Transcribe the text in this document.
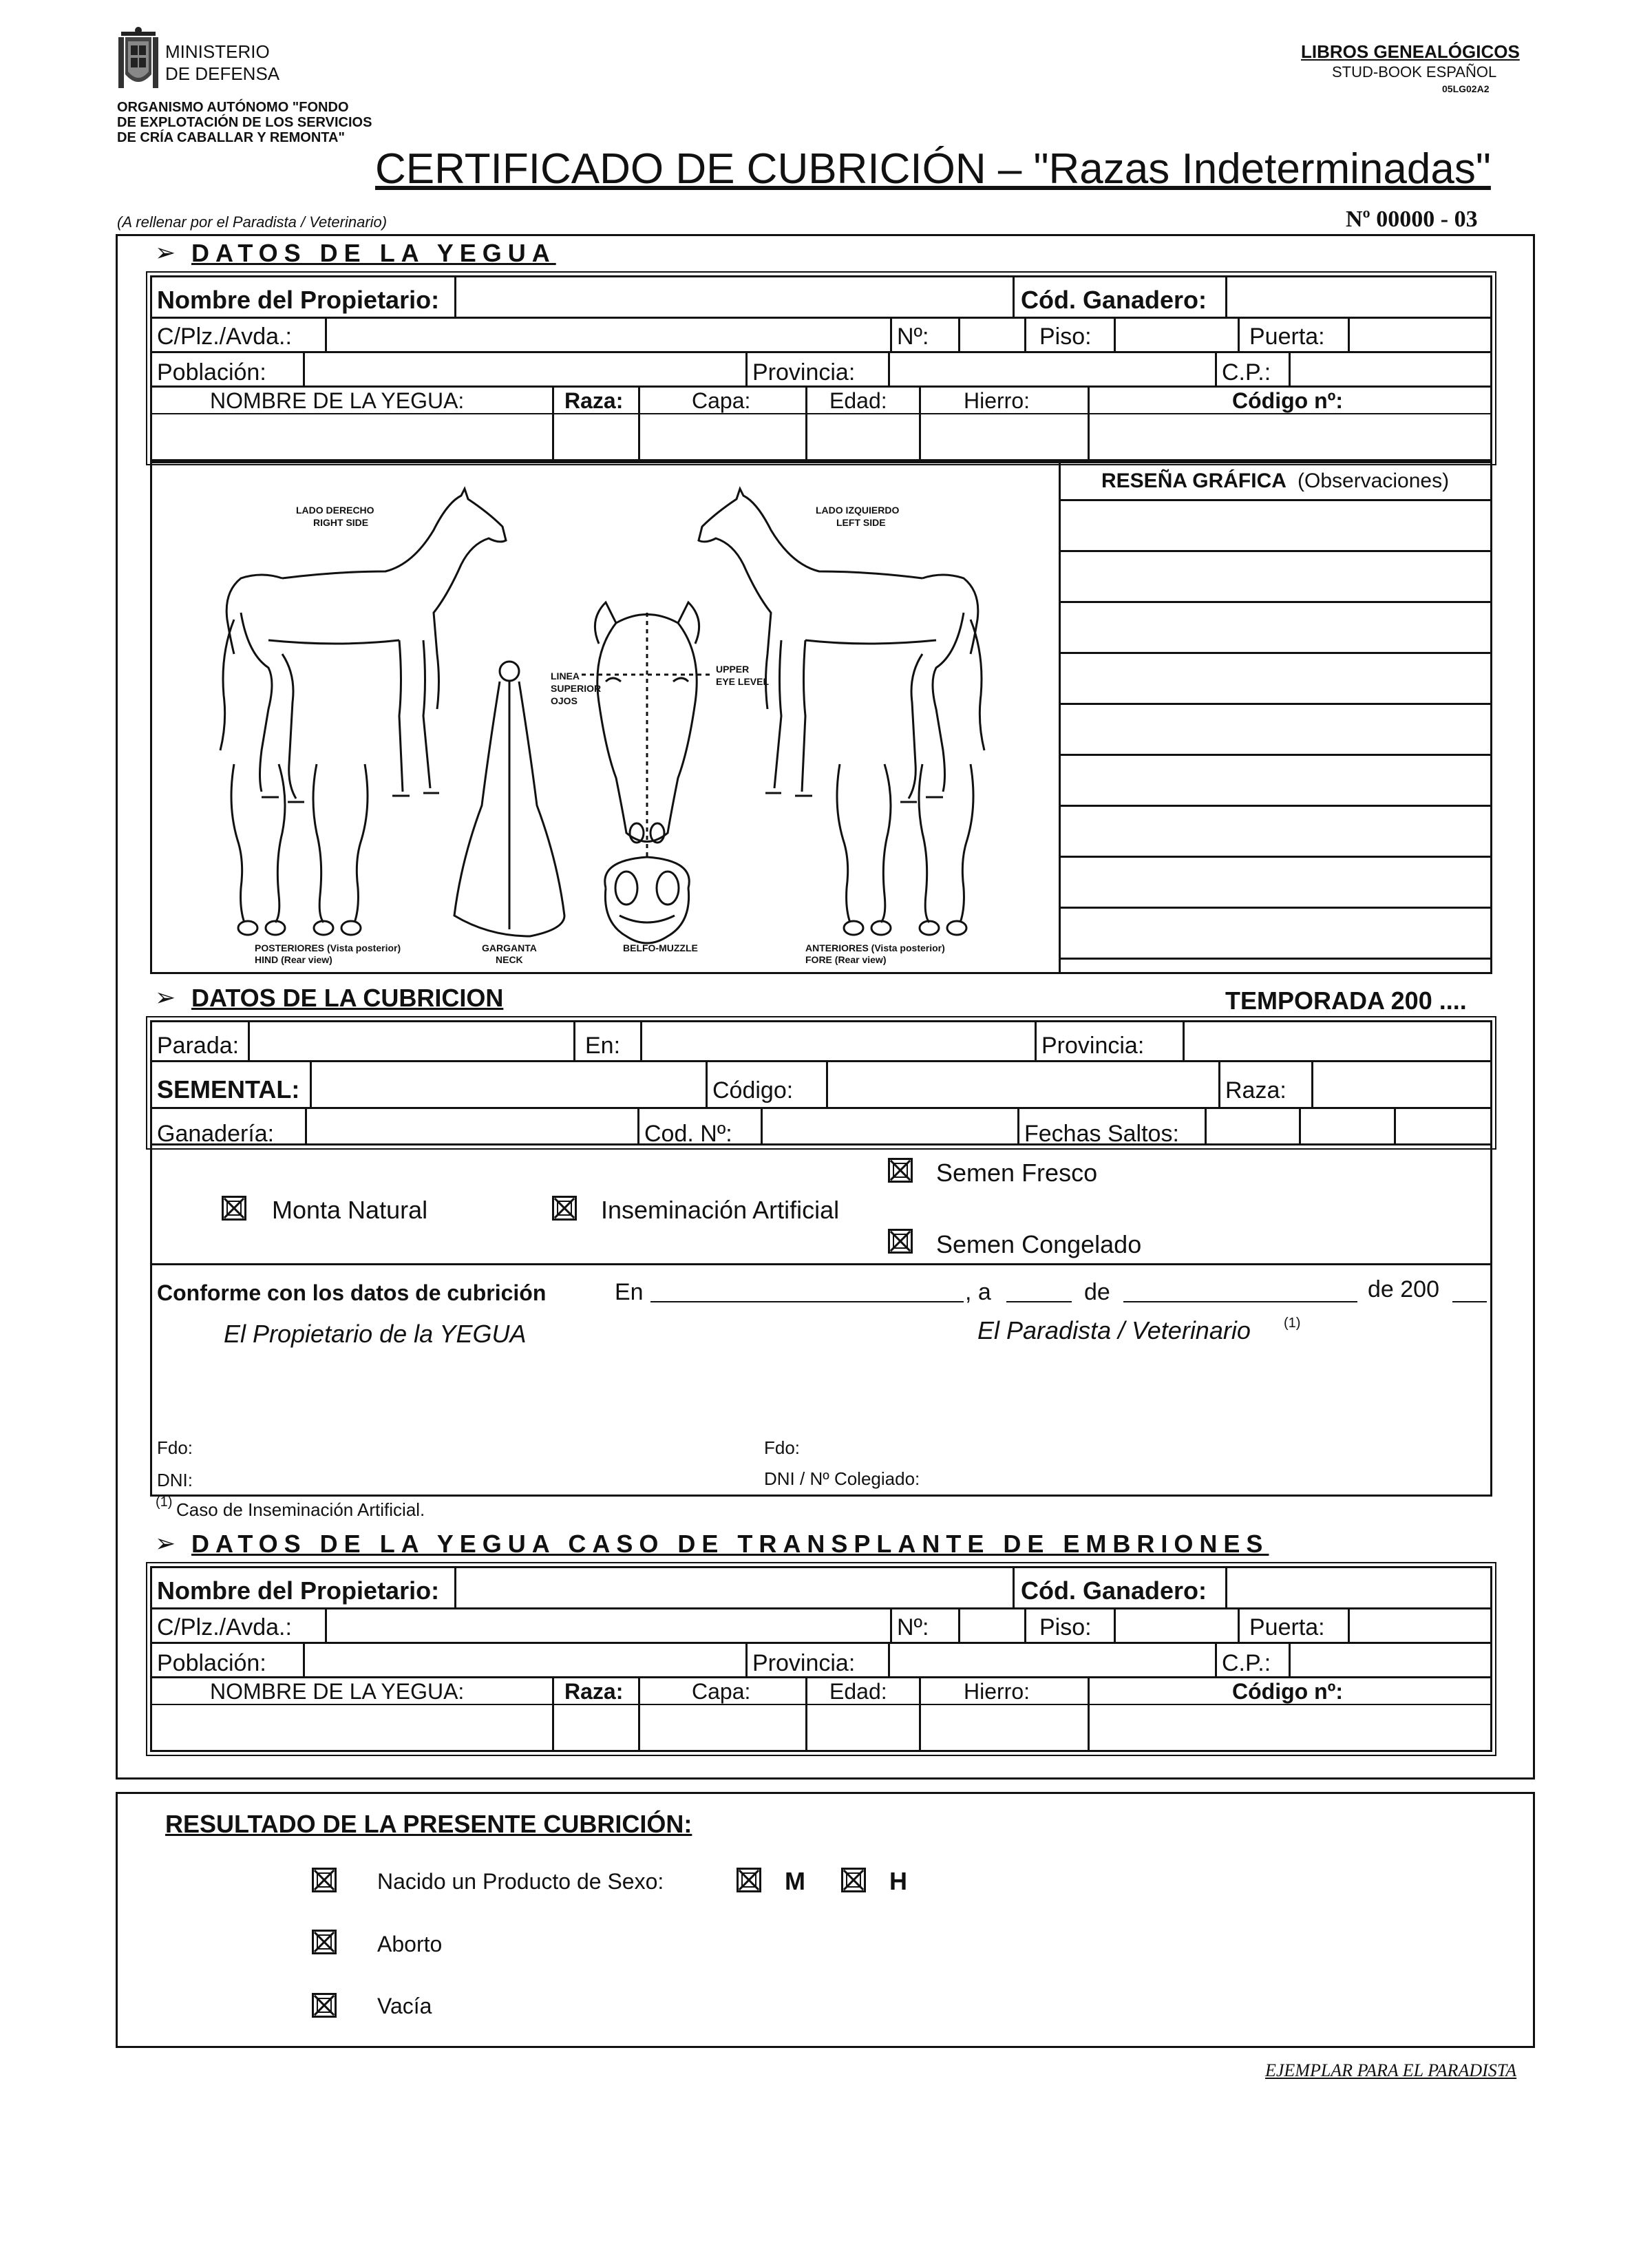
MINISTERIO
DE DEFENSA
ORGANISMO AUTÓNOMO "FONDO
DE EXPLOTACIÓN DE LOS SERVICIOS
DE CRÍA CABALLAR Y REMONTA"
LIBROS GENEALÓGICOS
STUD-BOOK ESPAÑOL
05LG02A2
CERTIFICADO DE CUBRICIÓN – "Razas Indeterminadas"
(A rellenar por el Paradista / Veterinario)	Nº 00000 - 03
➢ DATOS DE LA YEGUA
Nombre del Propietario:	Cód. Ganadero:
C/Plz./Avda.:	Nº:	Piso:	Puerta:
Población:	Provincia:	C.P.:
NOMBRE DE LA YEGUA:	Raza:	Capa:	Edad:	Hierro:	Código nº:
LADO DERECHO
RIGHT SIDE
LADO IZQUIERDO
LEFT SIDE
LINEA
SUPERIOR
OJOS
UPPER
EYE LEVEL
POSTERIORES (Vista posterior)
HIND (Rear view)
GARGANTA
NECK
BELFO-MUZZLE	ANTERIORES (Vista posterior)
FORE (Rear view)
RESEÑA GRÁFICA (Observaciones)
➢ DATOS DE LA CUBRICION	TEMPORADA 200 ....
Parada:	En:	Provincia:
SEMENTAL:	Código:	Raza:
Ganadería:	Cod. Nº:	Fechas Saltos:
Semen Fresco
Monta Natural	Inseminación Artificial
Semen Congelado
Conforme con los datos de cubrición	En	, a	de	de 200
El Propietario de la YEGUA	El Paradista / Veterinario (1)
Fdo:
DNI:
Fdo:
DNI / Nº Colegiado:
(1) Caso de Inseminación Artificial.
➢ DATOS DE LA YEGUA CASO DE TRANSPLANTE DE EMBRIONES
Nombre del Propietario:	Cód. Ganadero:
C/Plz./Avda.:	Nº:	Piso:	Puerta:
Población:	Provincia:	C.P.:
NOMBRE DE LA YEGUA:	Raza:	Capa:	Edad:	Hierro:	Código nº:
RESULTADO DE LA PRESENTE CUBRICIÓN:
Nacido un Producto de Sexo:	M	H
Aborto
Vacía
EJEMPLAR PARA EL PARADISTA
